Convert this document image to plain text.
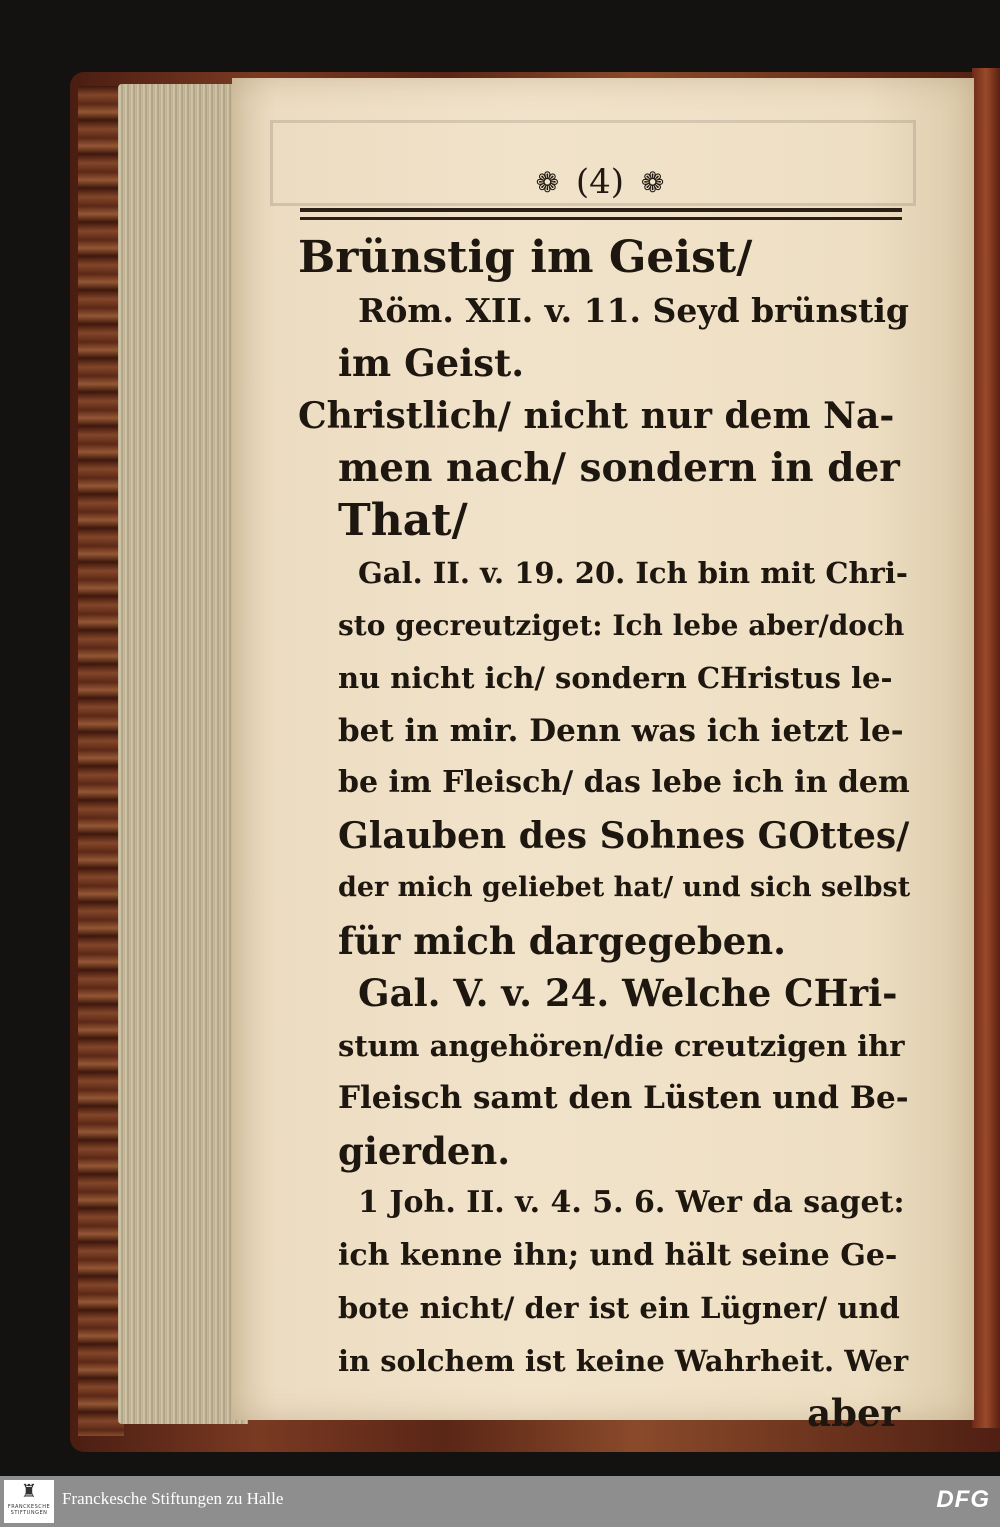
❁ (4) ❁
Brünstig im Geist/
Röm. XII. v. 11. Seyd brünstig
im Geist.
Christlich/ nicht nur dem Na-
men nach/ sondern in der
That/
Gal. II. v. 19. 20. Ich bin mit Chri-
sto gecreutziget: Ich lebe aber/doch
nu nicht ich/ sondern CHristus le-
bet in mir. Denn was ich ietzt le-
be im Fleisch/ das lebe ich in dem
Glauben des Sohnes GOttes/
der mich geliebet hat/ und sich selbst
für mich dargegeben.
Gal. V. v. 24. Welche CHri-
stum angehören/die creutzigen ihr
Fleisch samt den Lüsten und Be-
gierden.
1 Joh. II. v. 4. 5. 6. Wer da saget:
ich kenne ihn; und hält seine Ge-
bote nicht/ der ist ein Lügner/ und
in solchem ist keine Wahrheit. Wer
aber
♜
FRANCKESCHE STIFTUNGEN
Franckesche Stiftungen zu Halle	DFG
